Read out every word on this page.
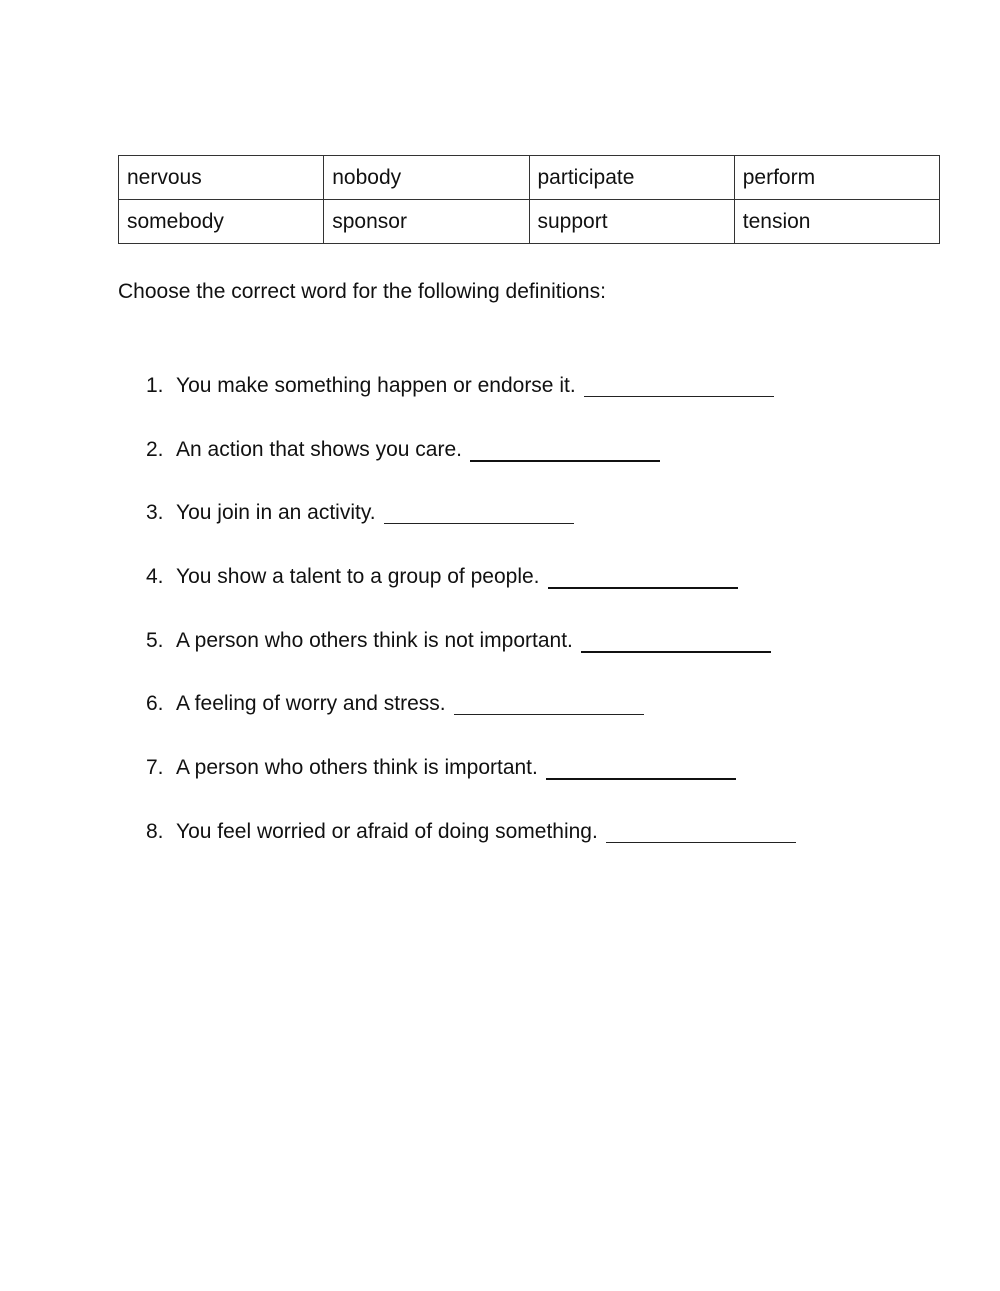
nervous	nobody	participate	perform
somebody	sponsor	support	tension

Choose the correct word for the following definitions:

1. You make something happen or endorse it.
2. An action that shows you care.
3. You join in an activity.
4. You show a talent to a group of people.
5. A person who others think is not important.
6. A feeling of worry and stress.
7. A person who others think is important.
8. You feel worried or afraid of doing something.
